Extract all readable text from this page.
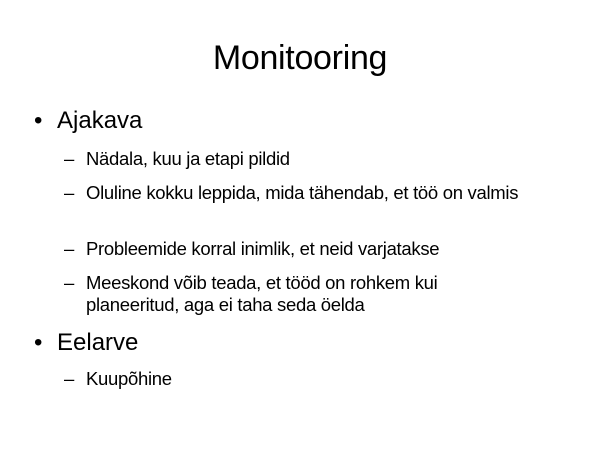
Monitooring
• Ajakava
– Nädala, kuu ja etapi pildid
– Oluline kokku leppida, mida tähendab, et töö on valmis
– Probleemide korral inimlik, et neid varjatakse
– Meeskond võib teada, et tööd on rohkem kui planeeritud, aga ei taha seda öelda
• Eelarve
– Kuupõhine
